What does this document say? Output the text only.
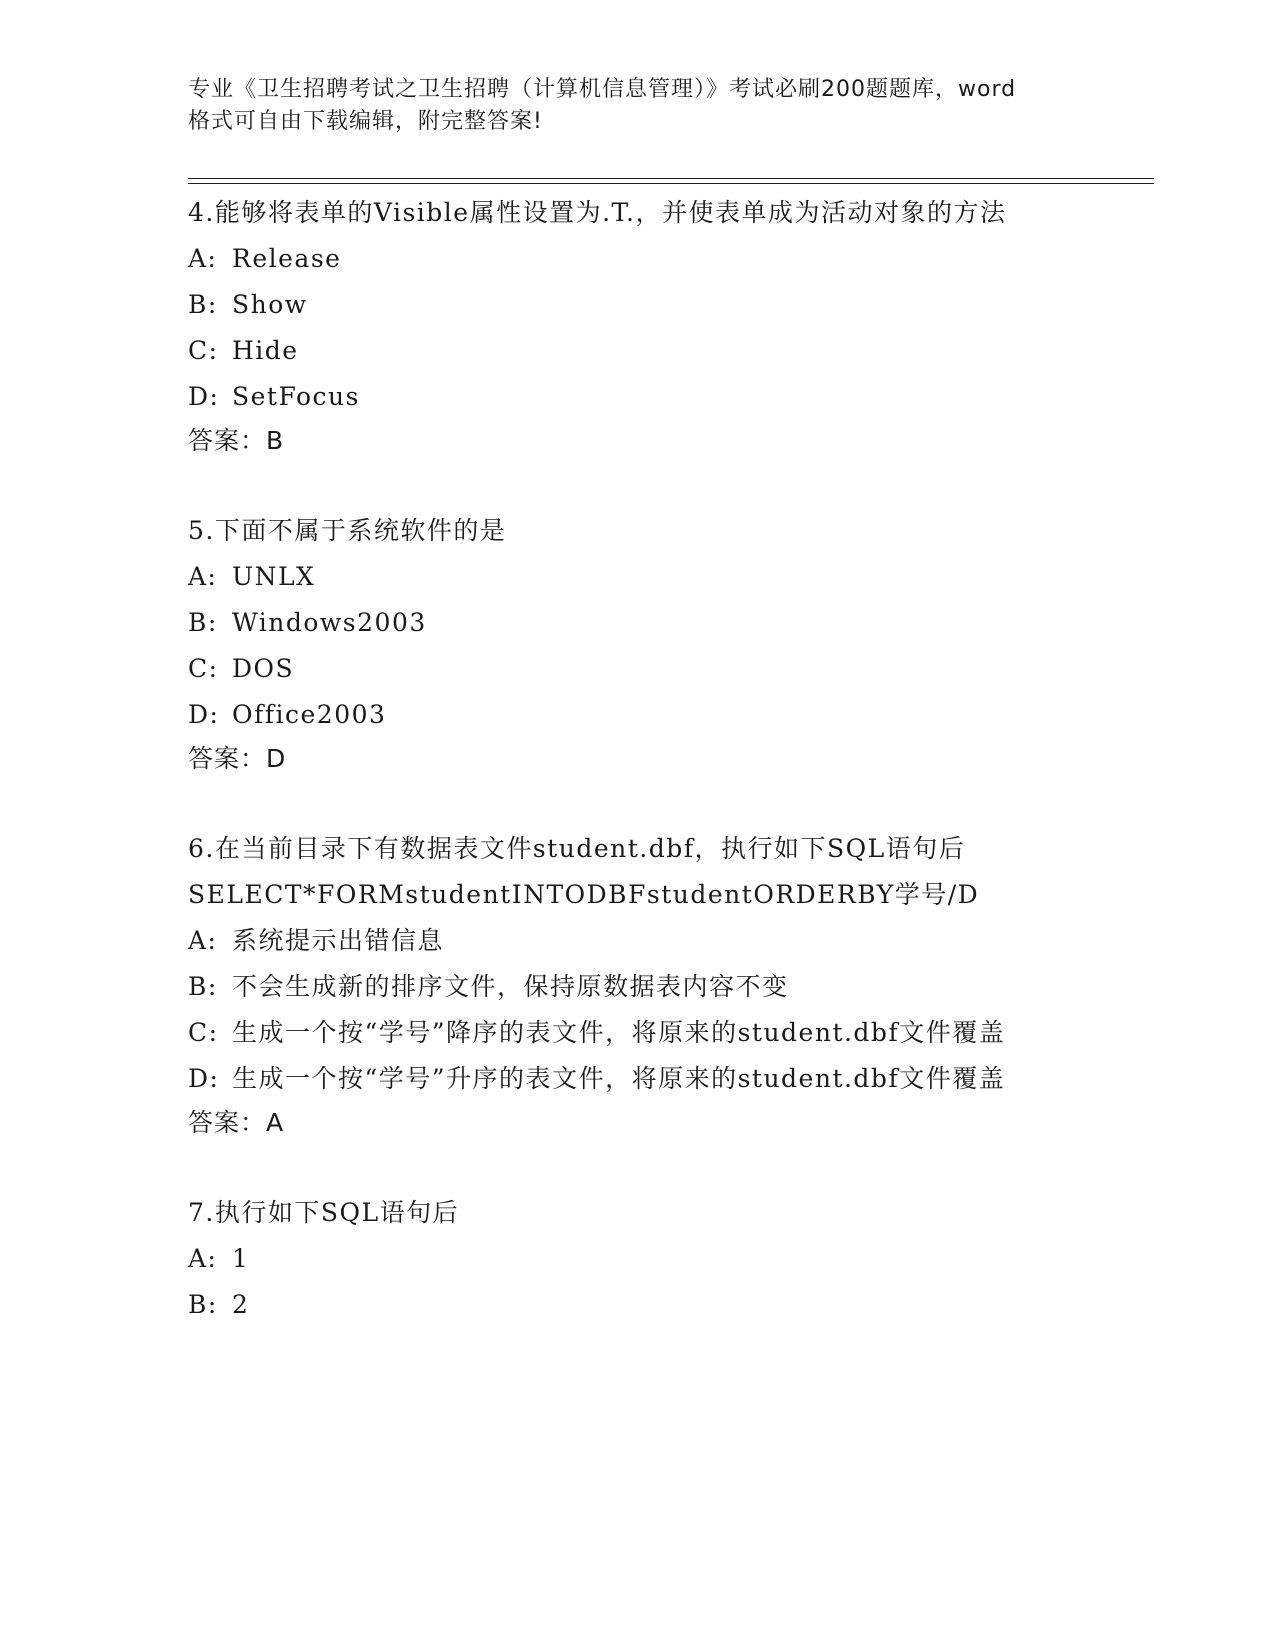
专业《卫生招聘考试之卫生招聘（计算机信息管理）》考试必刷200题题库，word
格式可自由下载编辑，附完整答案!
4.能够将表单的Visible属性设置为.T.，并使表单成为活动对象的方法
A: Release
B: Show
C: Hide
D: SetFocus
答案：B
5.下面不属于系统软件的是
A: UNLX
B: Windows2003
C: DOS
D: Office2003
答案：D
6.在当前目录下有数据表文件student.dbf，执行如下SQL语句后
SELECT*FORMstudentINTODBFstudentORDERBY学号/D
A: 系统提示出错信息
B: 不会生成新的排序文件，保持原数据表内容不变
C: 生成一个按“学号”降序的表文件，将原来的student.dbf文件覆盖
D: 生成一个按“学号”升序的表文件，将原来的student.dbf文件覆盖
答案：A
7.执行如下SQL语句后
A: 1
B: 2
